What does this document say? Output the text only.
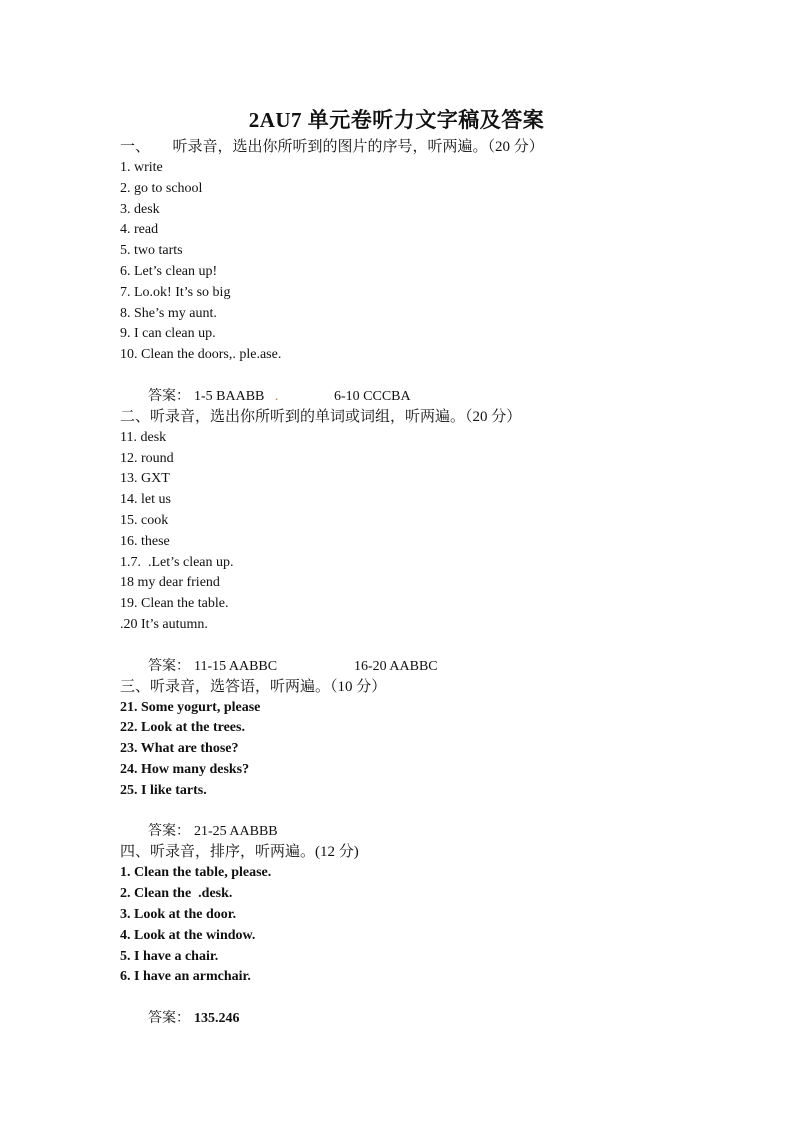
2AU7 单元卷听力文字稿及答案
一、      听录音，选出你所听到的图片的序号，听两遍。（20 分）
1. write
2. go to school
3. desk
4. read
5. two tarts
6. Let’s clean up!
7. Lo.ok! It’s so big
8. She’s my aunt.
9. I can clean up.
10. Clean the doors,. ple.ase.

答案： 1-5 BAABB .	6-10 CCCBA

二、听录音，选出你所听到的单词或词组，听两遍。（20 分）
11. desk
12. round
13. GXT
14. let us
15. cook
16. these
1.7.  .Let’s clean up.
18 my dear friend
19. Clean the table.
.20 It’s autumn.

答案： 11-15 AABBC	16-20 AABBC

三、听录音，选答语，听两遍。（10 分）
21. Some yogurt, please
22. Look at the trees.
23. What are those?
24. How many desks?
25. I like tarts.

答案： 21-25 AABBB

四、听录音，排序，听两遍。(12 分)
1. Clean the table, please.
2. Clean the  .desk.
3. Look at the door.
4. Look at the window.
5. I have a chair.
6. I have an armchair.

答案： 135.246
